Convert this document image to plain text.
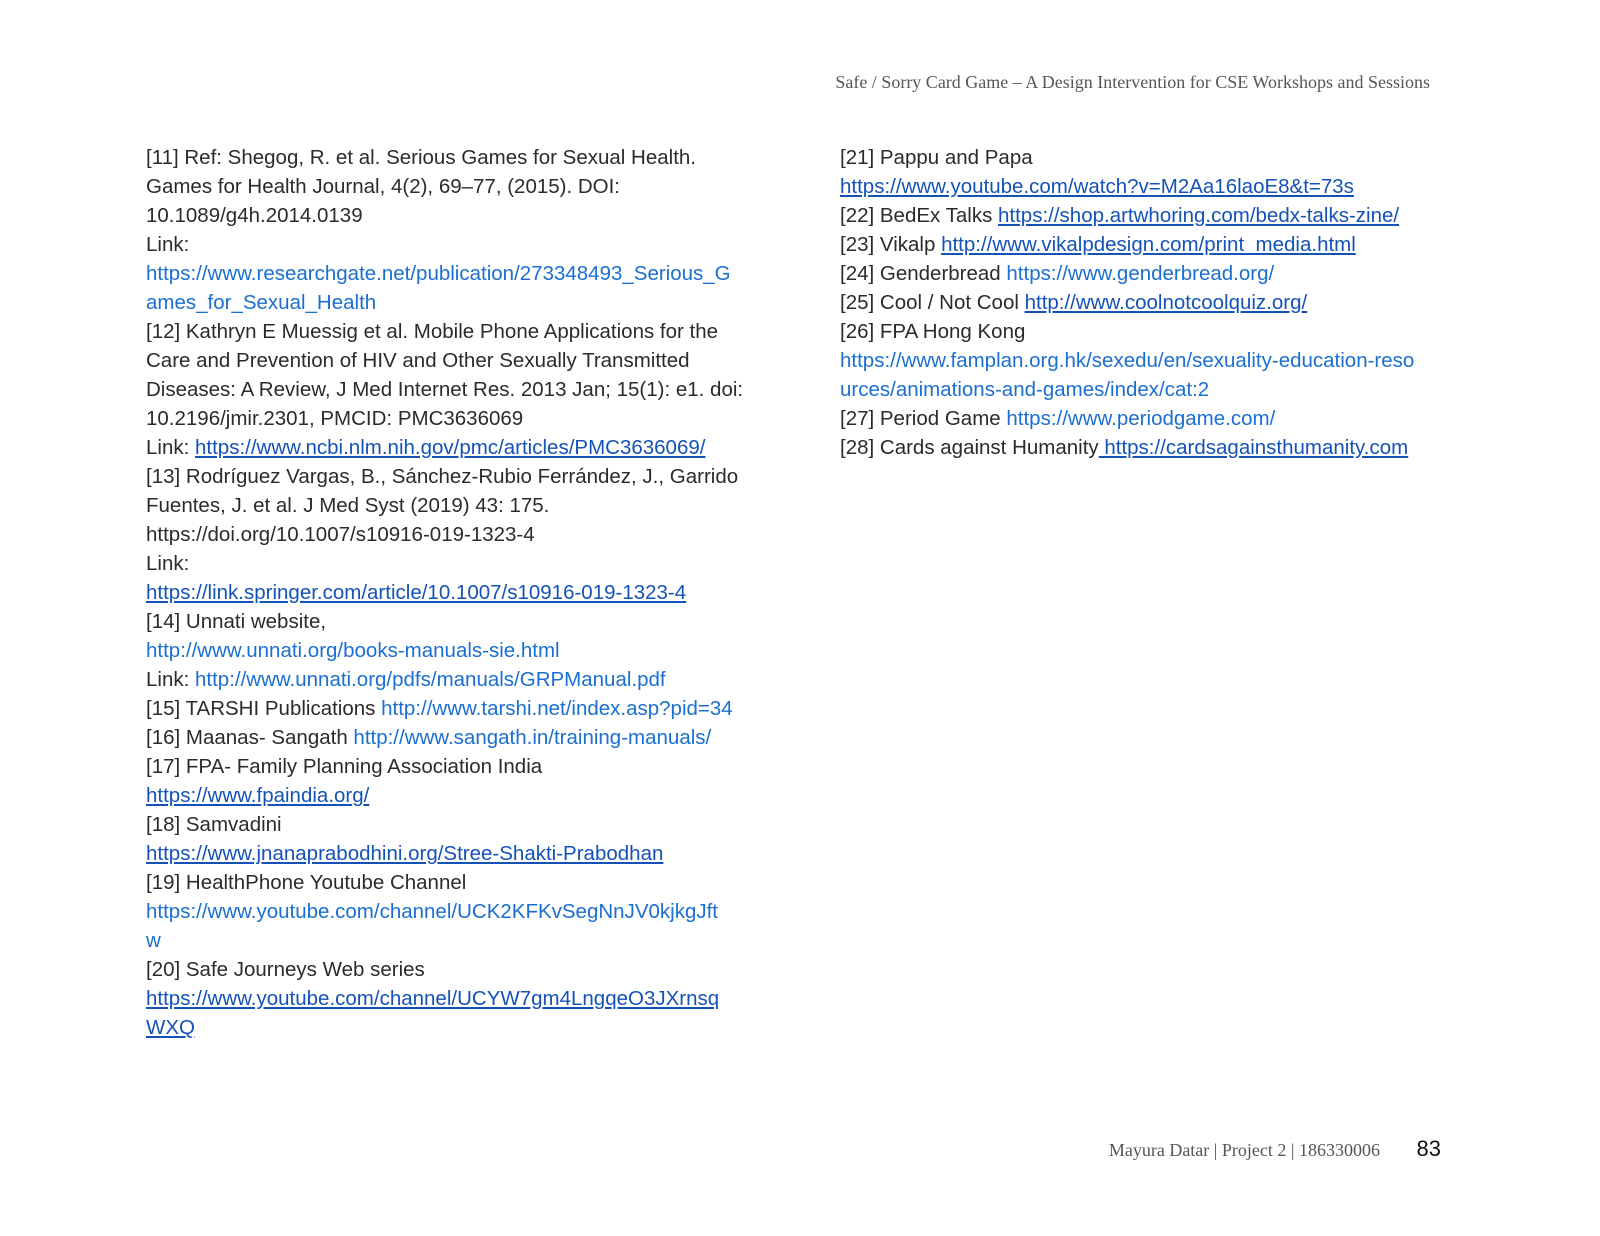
Safe / Sorry Card Game – A Design Intervention for CSE Workshops and Sessions
[11] Ref: Shegog, R. et al. Serious Games for Sexual Health.
Games for Health Journal, 4(2), 69–77, (2015). DOI:
10.1089/g4h.2014.0139
Link:
https://www.researchgate.net/publication/273348493_Serious_G
ames_for_Sexual_Health
[12] Kathryn E Muessig et al. Mobile Phone Applications for the
Care and Prevention of HIV and Other Sexually Transmitted
Diseases: A Review, J Med Internet Res. 2013 Jan; 15(1): e1. doi:
10.2196/jmir.2301, PMCID: PMC3636069
Link: https://www.ncbi.nlm.nih.gov/pmc/articles/PMC3636069/
[13] Rodríguez Vargas, B., Sánchez-Rubio Ferrández, J., Garrido
Fuentes, J. et al. J Med Syst (2019) 43: 175.
https://doi.org/10.1007/s10916-019-1323-4
Link:
https://link.springer.com/article/10.1007/s10916-019-1323-4
[14] Unnati website,
http://www.unnati.org/books-manuals-sie.html
Link: http://www.unnati.org/pdfs/manuals/GRPManual.pdf
[15] TARSHI Publications http://www.tarshi.net/index.asp?pid=34
[16] Maanas- Sangath http://www.sangath.in/training-manuals/
[17] FPA- Family Planning Association India
https://www.fpaindia.org/
[18] Samvadini
https://www.jnanaprabodhini.org/Stree-Shakti-Prabodhan
[19] HealthPhone Youtube Channel
https://www.youtube.com/channel/UCK2KFKvSegNnJV0kjkgJft
w
[20] Safe Journeys Web series
https://www.youtube.com/channel/UCYW7gm4LngqeO3JXrnsq
WXQ
[21] Pappu and Papa
https://www.youtube.com/watch?v=M2Aa16laoE8&t=73s
[22] BedEx Talks https://shop.artwhoring.com/bedx-talks-zine/
[23] Vikalp http://www.vikalpdesign.com/print_media.html
[24] Genderbread https://www.genderbread.org/
[25] Cool / Not Cool http://www.coolnotcoolquiz.org/
[26] FPA Hong Kong
https://www.famplan.org.hk/sexedu/en/sexuality-education-reso
urces/animations-and-games/index/cat:2
[27] Period Game https://www.periodgame.com/
[28] Cards against Humanity https://cardsagainsthumanity.com
Mayura Datar | Project 2 | 186330006 83
